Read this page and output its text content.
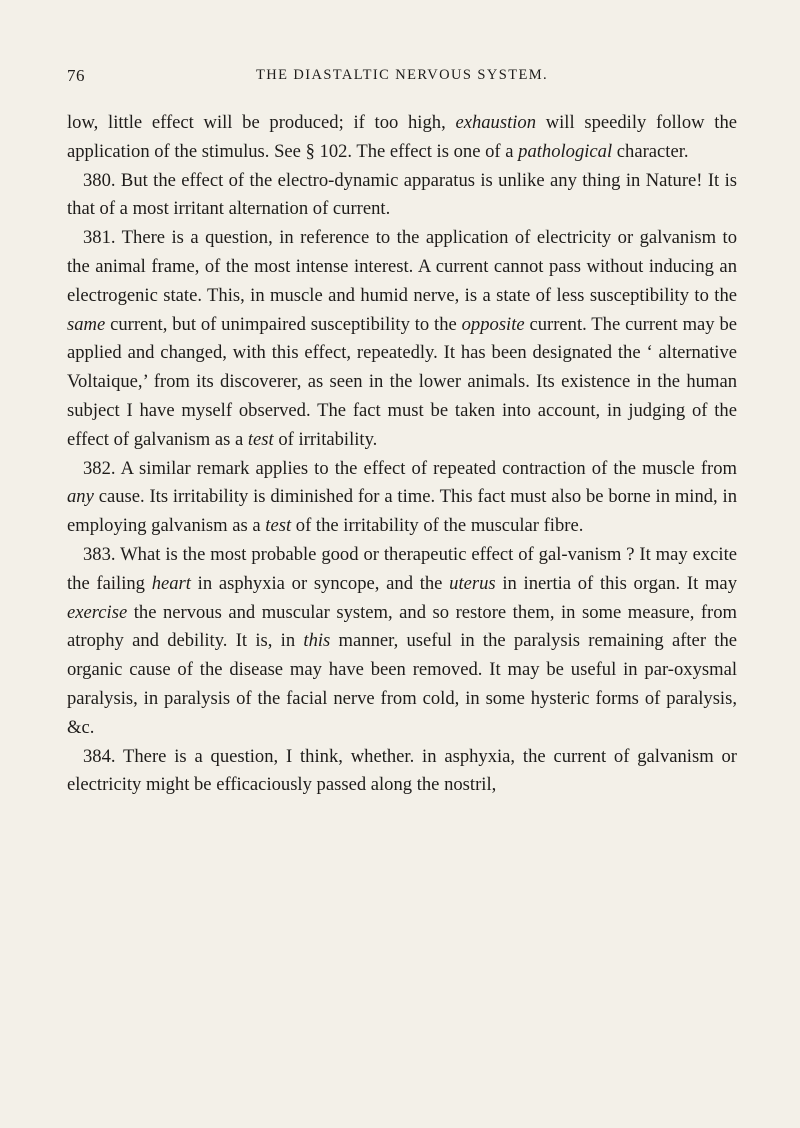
76	THE DIASTALTIC NERVOUS SYSTEM.

low, little effect will be produced; if too high, exhaustion will speedily follow the application of the stimulus. See § 102. The effect is one of a pathological character.

380. But the effect of the electro-dynamic apparatus is unlike any thing in Nature! It is that of a most irritant alternation of current.

381. There is a question, in reference to the application of electricity or galvanism to the animal frame, of the most intense interest. A current cannot pass without inducing an electrogenic state. This, in muscle and humid nerve, is a state of less susceptibility to the same current, but of unimpaired susceptibility to the opposite current. The current may be applied and changed, with this effect, repeatedly. It has been designated the ‘ alternative Voltaique,’ from its discoverer, as seen in the lower animals. Its existence in the human subject I have myself observed. The fact must be taken into account, in judging of the effect of galvanism as a test of irritability.

382. A similar remark applies to the effect of repeated contraction of the muscle from any cause. Its irritability is diminished for a time. This fact must also be borne in mind, in employing galvanism as a test of the irritability of the muscular fibre.

383. What is the most probable good or therapeutic effect of gal-vanism ? It may excite the failing heart in asphyxia or syncope, and the uterus in inertia of this organ. It may exercise the nervous and muscular system, and so restore them, in some measure, from atrophy and debility. It is, in this manner, useful in the paralysis remaining after the organic cause of the disease may have been removed. It may be useful in par-oxysmal paralysis, in paralysis of the facial nerve from cold, in some hysteric forms of paralysis, &c.

384. There is a question, I think, whether. in asphyxia, the current of galvanism or electricity might be efficaciously passed along the nostril,
